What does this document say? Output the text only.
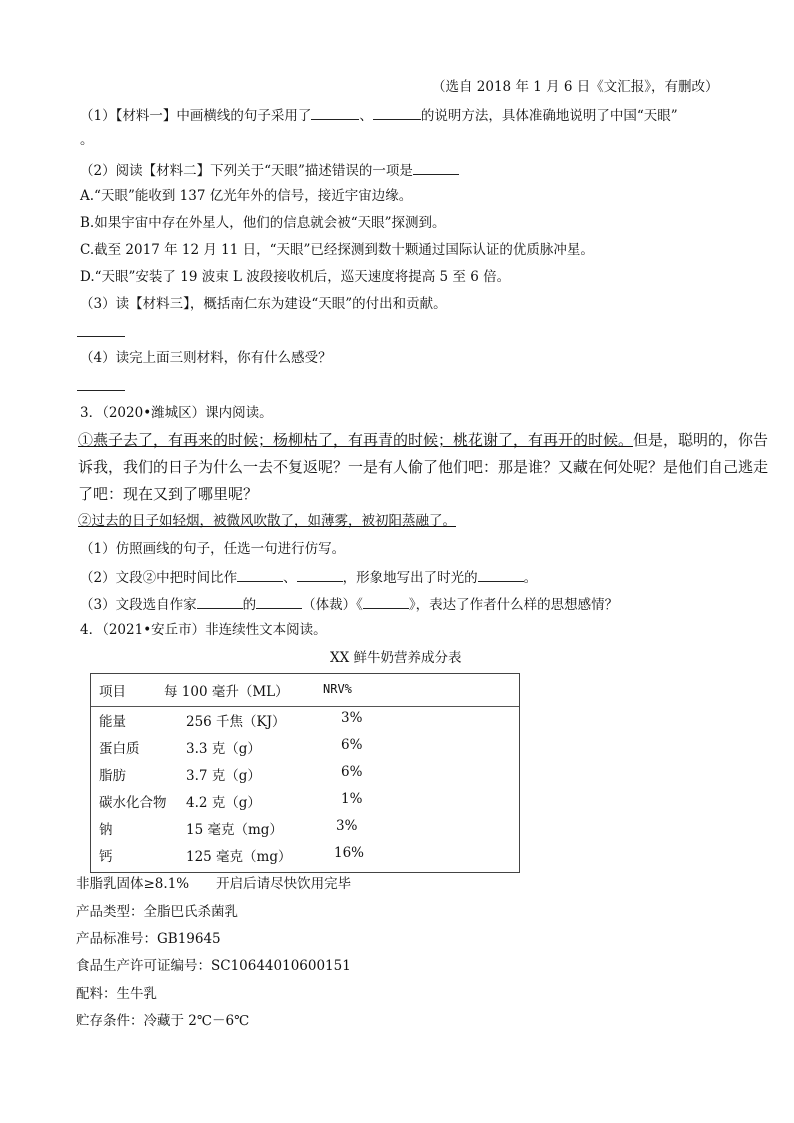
（选自 2018 年 1 月 6 日《文汇报》，有删改）
（1）【材料一】中画横线的句子采用了	、	的说明方法，具体准确地说明了中国“天眼”
。
（2）阅读【材料二】下列关于“天眼”描述错误的一项是
A.“天眼”能收到 137 亿光年外的信号，接近宇宙边缘。
B.如果宇宙中存在外星人，他们的信息就会被“天眼”探测到。
C.截至 2017 年 12 月 11 日，“天眼”已经探测到数十颗通过国际认证的优质脉冲星。
D.“天眼”安装了 19 波束 L 波段接收机后，巡天速度将提高 5 至 6 倍。
（3）读【材料三】，概括南仁东为建设“天眼”的付出和贡献。
（4）读完上面三则材料，你有什么感受？
3．（2020•潍城区）课内阅读。
①燕子去了，有再来的时候；杨柳枯了，有再青的时候；桃花谢了，有再开的时候。但是，聪明的，你告
诉我，我们的日子为什么一去不复返呢？一是有人偷了他们吧：那是谁？又藏在何处呢？是他们自己逃走
了吧：现在又到了哪里呢？
②过去的日子如轻烟，被微风吹散了，如薄雾，被初阳蒸融了。
（1）仿照画线的句子，任选一句进行仿写。
（2）文段②中把时间比作	、	，形象地写出了时光的	。
（3）文段选自作家	的	（体裁）《	》，表达了作者什么样的思想感情？
4．（2021•安丘市）非连续性文本阅读。
XX 鲜牛奶营养成分表
项目	每 100 毫升（ML）	NRV%
能量	256 千焦（KJ）	3%
蛋白质	3.3 克（g）	6%
脂肪	3.7 克（g）	6%
碳水化合物 4.2 克（g）	1%
钠	15 毫克（mg）	3%
钙	125 毫克（mg）	16%
非脂乳固体≥8.1%　　开启后请尽快饮用完毕
产品类型：全脂巴氏杀菌乳
产品标准号：GB19645
食品生产许可证编号：SC10644010600151
配料：生牛乳
贮存条件：冷藏于 2℃－6℃
